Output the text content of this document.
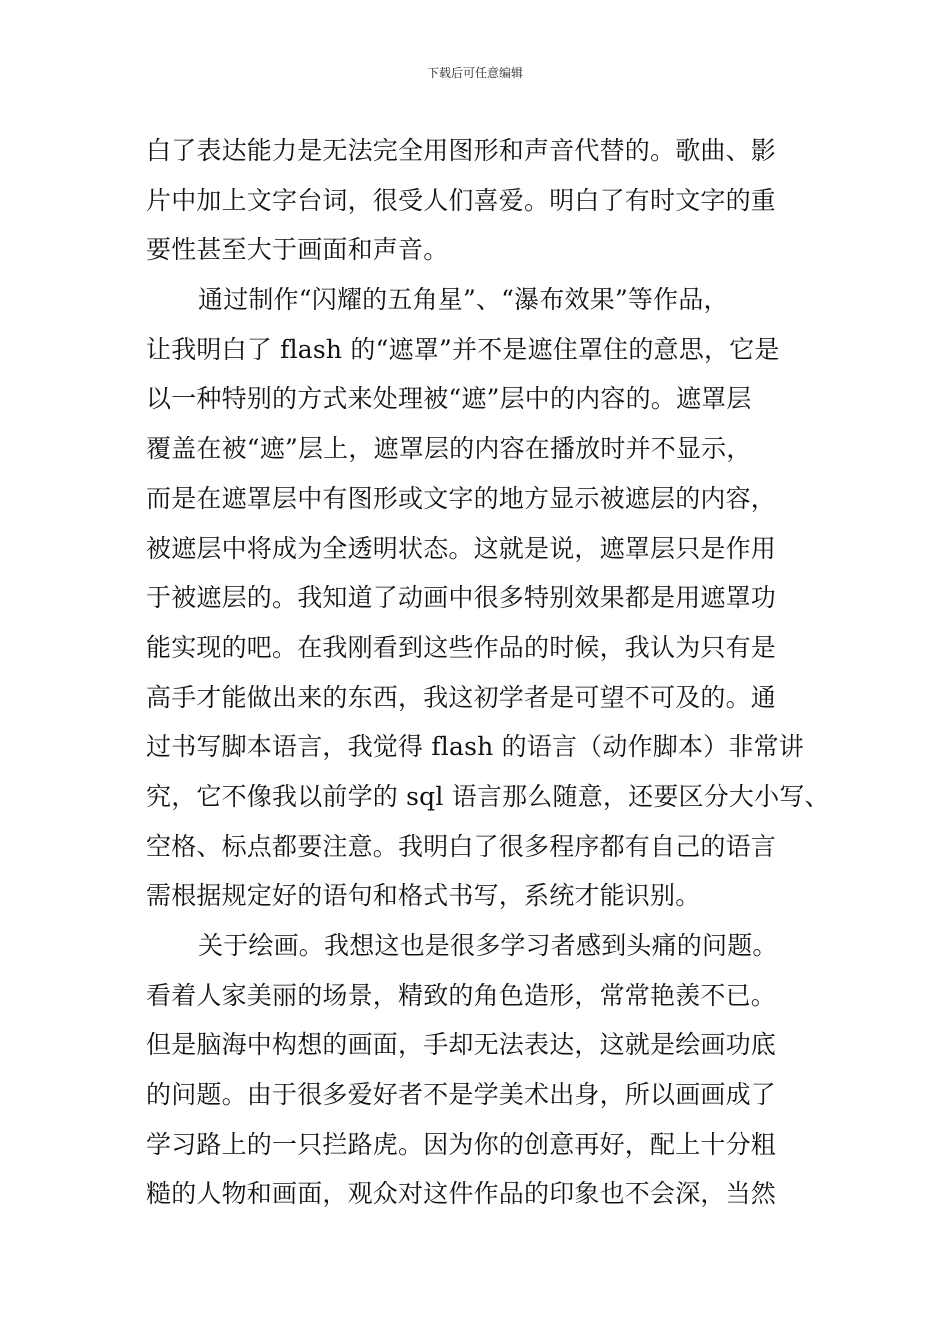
下载后可任意编辑
白了表达能力是无法完全用图形和声音代替的。歌曲、影
片中加上文字台词，很受人们喜爱。明白了有时文字的重
要性甚至大于画面和声音。
通过制作“闪耀的五角星”、“瀑布效果”等作品，
让我明白了 flash 的“遮罩”并不是遮住罩住的意思，它是
以一种特别的方式来处理被“遮”层中的内容的。遮罩层
覆盖在被“遮”层上，遮罩层的内容在播放时并不显示，
而是在遮罩层中有图形或文字的地方显示被遮层的内容，
被遮层中将成为全透明状态。这就是说，遮罩层只是作用
于被遮层的。我知道了动画中很多特别效果都是用遮罩功
能实现的吧。在我刚看到这些作品的时候，我认为只有是
高手才能做出来的东西，我这初学者是可望不可及的。通
过书写脚本语言，我觉得 flash 的语言（动作脚本）非常讲
究，它不像我以前学的 sql 语言那么随意，还要区分大小写、
空格、标点都要注意。我明白了很多程序都有自己的语言
需根据规定好的语句和格式书写，系统才能识别。
关于绘画。我想这也是很多学习者感到头痛的问题。
看着人家美丽的场景，精致的角色造形，常常艳羡不已。
但是脑海中构想的画面，手却无法表达，这就是绘画功底
的问题。由于很多爱好者不是学美术出身，所以画画成了
学习路上的一只拦路虎。因为你的创意再好，配上十分粗
糙的人物和画面，观众对这件作品的印象也不会深，当然
